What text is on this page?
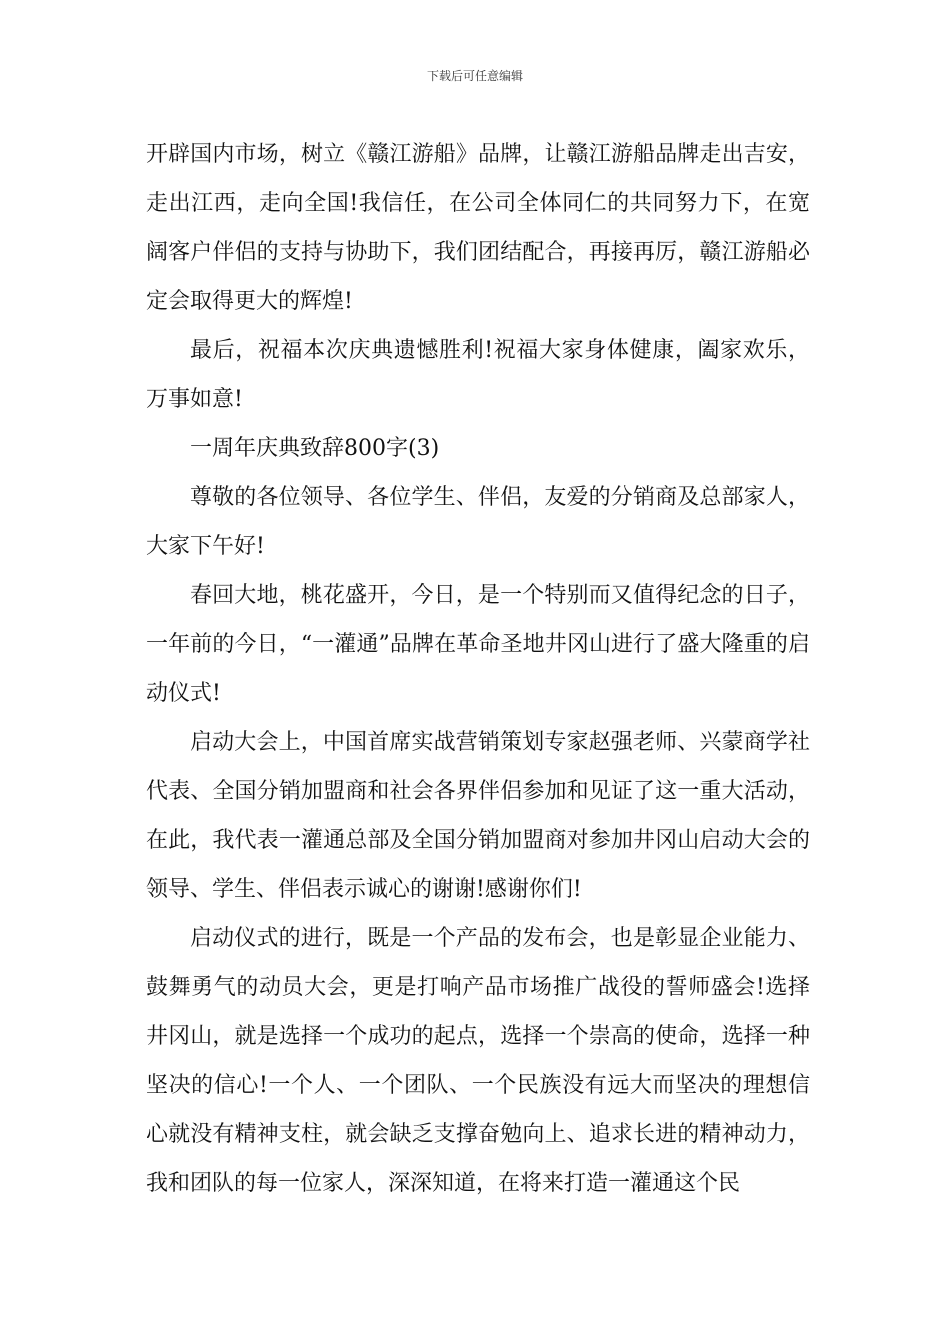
下载后可任意编辑

开辟国内市场，树立《赣江游船》品牌，让赣江游船品牌走出吉安，走出江西，走向全国!我信任，在公司全体同仁的共同努力下，在宽阔客户伴侣的支持与协助下，我们团结配合，再接再厉，赣江游船必定会取得更大的辉煌!

最后，祝福本次庆典遗憾胜利!祝福大家身体健康，阖家欢乐，万事如意!

一周年庆典致辞800字(3)

尊敬的各位领导、各位学生、伴侣，友爱的分销商及总部家人，大家下午好!

春回大地，桃花盛开，今日，是一个特别而又值得纪念的日子，一年前的今日，“一灌通”品牌在革命圣地井冈山进行了盛大隆重的启动仪式!

启动大会上，中国首席实战营销策划专家赵强老师、兴蒙商学社代表、全国分销加盟商和社会各界伴侣参加和见证了这一重大活动，在此，我代表一灌通总部及全国分销加盟商对参加井冈山启动大会的领导、学生、伴侣表示诚心的谢谢!感谢你们!

启动仪式的进行，既是一个产品的发布会，也是彰显企业能力、鼓舞勇气的动员大会，更是打响产品市场推广战役的誓师盛会!选择井冈山，就是选择一个成功的起点，选择一个崇高的使命，选择一种坚决的信心!一个人、一个团队、一个民族没有远大而坚决的理想信心就没有精神支柱，就会缺乏支撑奋勉向上、追求长进的精神动力，我和团队的每一位家人，深深知道，在将来打造一灌通这个民
